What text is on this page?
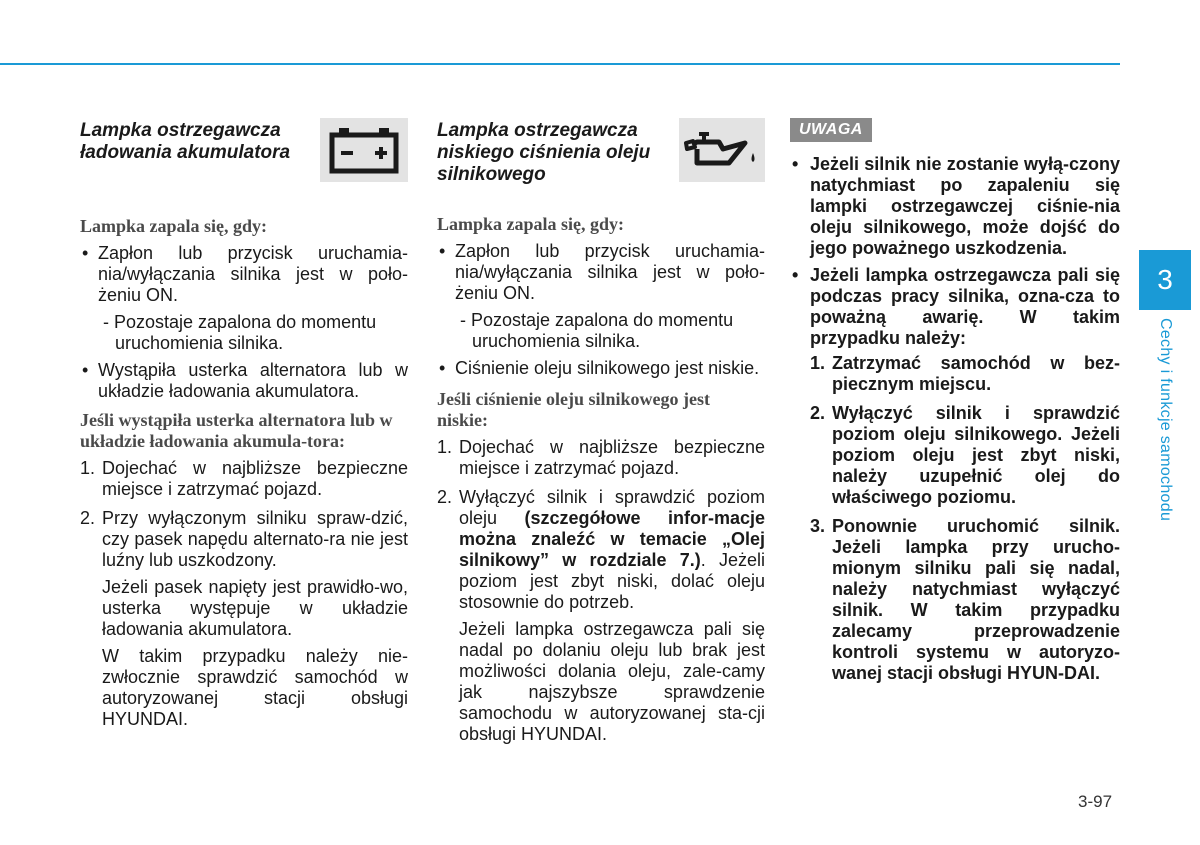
Lampka ostrzegawcza ładowania akumulatora
Lampka zapala się, gdy:
• Zapłon lub przycisk uruchamia-nia/wyłączania silnika jest w poło-żeniu ON.
- Pozostaje zapalona do momentu uruchomienia silnika.
• Wystąpiła usterka alternatora lub w układzie ładowania akumulatora.
Jeśli wystąpiła usterka alternatora lub w układzie ładowania akumula-tora:
1. Dojechać w najbliższe bezpieczne miejsce i zatrzymać pojazd.
2. Przy wyłączonym silniku spraw-dzić, czy pasek napędu alternato-ra nie jest luźny lub uszkodzony.
Jeżeli pasek napięty jest prawidło-wo, usterka występuje w układzie ładowania akumulatora.
W takim przypadku należy nie-zwłocznie sprawdzić samochód w autoryzowanej stacji obsługi HYUNDAI.
Lampka ostrzegawcza niskiego ciśnienia oleju silnikowego
Lampka zapala się, gdy:
• Zapłon lub przycisk uruchamia-nia/wyłączania silnika jest w poło-żeniu ON.
- Pozostaje zapalona do momentu uruchomienia silnika.
• Ciśnienie oleju silnikowego jest niskie.
Jeśli ciśnienie oleju silnikowego jest niskie:
1. Dojechać w najbliższe bezpieczne miejsce i zatrzymać pojazd.
2. Wyłączyć silnik i sprawdzić poziom oleju (szczegółowe infor-macje można znaleźć w temacie „Olej silnikowy” w rozdziale 7.). Jeżeli poziom jest zbyt niski, dolać oleju stosownie do potrzeb.
Jeżeli lampka ostrzegawcza pali się nadal po dolaniu oleju lub brak jest możliwości dolania oleju, zale-camy jak najszybsze sprawdzenie samochodu w autoryzowanej sta-cji obsługi HYUNDAI.
UWAGA
• Jeżeli silnik nie zostanie wyłą-czony natychmiast po zapaleniu się lampki ostrzegawczej ciśnie-nia oleju silnikowego, może dojść do jego poważnego uszkodzenia.
• Jeżeli lampka ostrzegawcza pali się podczas pracy silnika, ozna-cza to poważną awarię. W takim przypadku należy:
1. Zatrzymać samochód w bez-piecznym miejscu.
2. Wyłączyć silnik i sprawdzić poziom oleju silnikowego. Jeżeli poziom oleju jest zbyt niski, należy uzupełnić olej do właściwego poziomu.
3. Ponownie uruchomić silnik. Jeżeli lampka przy urucho-mionym silniku pali się nadal, należy natychmiast wyłączyć silnik. W takim przypadku zalecamy przeprowadzenie kontroli systemu w autoryzo-wanej stacji obsługi HYUN-DAI.
3
Cechy i funkcje samochodu
3-97
